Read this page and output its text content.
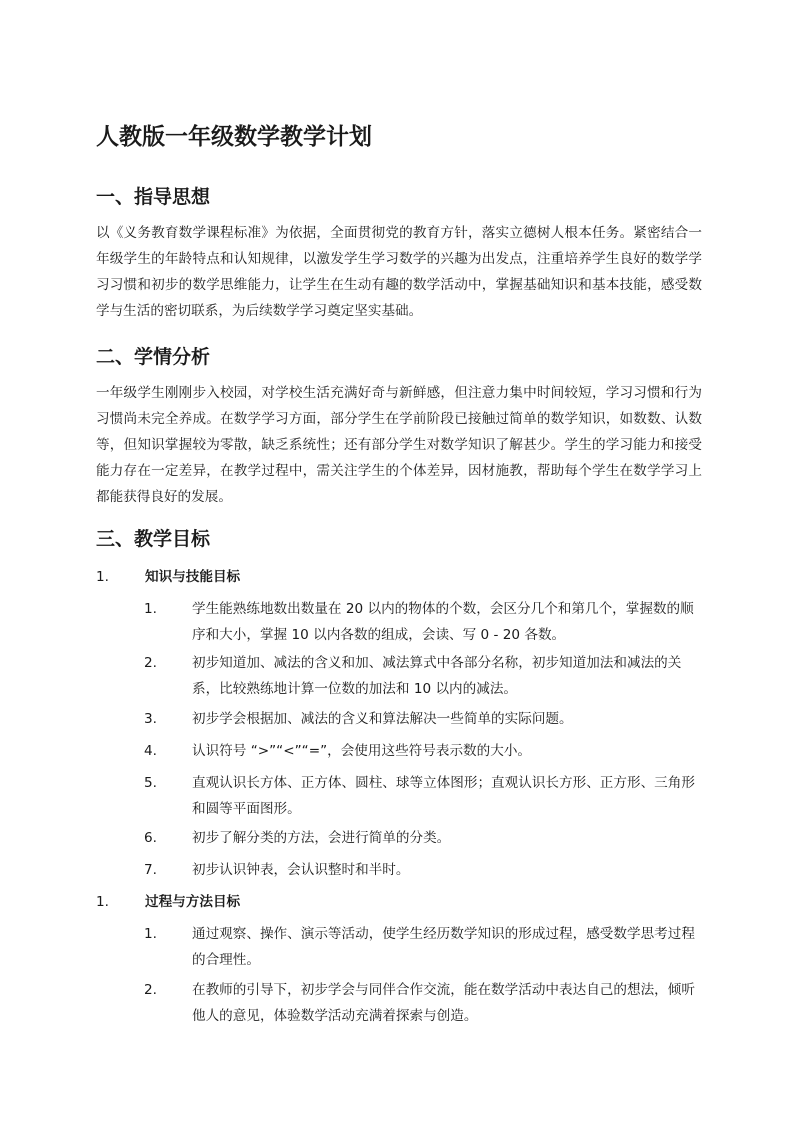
人教版一年级数学教学计划
一、指导思想

以《义务教育数学课程标准》为依据，全面贯彻党的教育方针，落实立德树人根本任务。紧密结合一年级学生的年龄特点和认知规律，以激发学生学习数学的兴趣为出发点，注重培养学生良好的数学学习习惯和初步的数学思维能力，让学生在生动有趣的数学活动中，掌握基础知识和基本技能，感受数学与生活的密切联系，为后续数学学习奠定坚实基础。

二、学情分析

一年级学生刚刚步入校园，对学校生活充满好奇与新鲜感，但注意力集中时间较短，学习习惯和行为习惯尚未完全养成。在数学学习方面，部分学生在学前阶段已接触过简单的数学知识，如数数、认数等，但知识掌握较为零散，缺乏系统性；还有部分学生对数学知识了解甚少。学生的学习能力和接受能力存在一定差异，在教学过程中，需关注学生的个体差异，因材施教，帮助每个学生在数学学习上都能获得良好的发展。

三、教学目标
1.	知识与技能目标
1.	学生能熟练地数出数量在 20 以内的物体的个数，会区分几个和第几个，掌握数的顺序和大小，掌握 10 以内各数的组成，会读、写 0 - 20 各数。
2.	初步知道加、减法的含义和加、减法算式中各部分名称，初步知道加法和减法的关系，比较熟练地计算一位数的加法和 10 以内的减法。
3.	初步学会根据加、减法的含义和算法解决一些简单的实际问题。
4.	认识符号 “>”“<”“=”，会使用这些符号表示数的大小。
5.	直观认识长方体、正方体、圆柱、球等立体图形；直观认识长方形、正方形、三角形和圆等平面图形。
6.	初步了解分类的方法，会进行简单的分类。
7.	初步认识钟表，会认识整时和半时。
1.	过程与方法目标
1.	通过观察、操作、演示等活动，使学生经历数学知识的形成过程，感受数学思考过程的合理性。
2.	在教师的引导下，初步学会与同伴合作交流，能在数学活动中表达自己的想法，倾听他人的意见，体验数学活动充满着探索与创造。
